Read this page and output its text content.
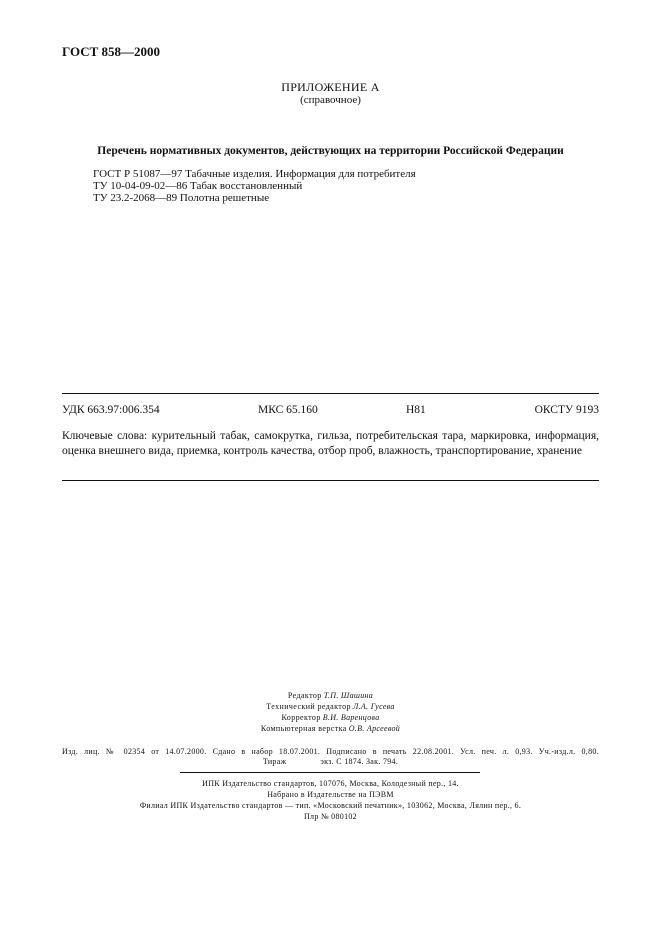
ГОСТ 858—2000
ПРИЛОЖЕНИЕ А
(справочное)
Перечень нормативных документов, действующих на территории Российской Федерации
ГОСТ Р 51087—97 Табачные изделия. Информация для потребителя
ТУ 10-04-09-02—86 Табак восстановленный
ТУ 23.2-2068—89 Полотна решетные
УДК 663.97:006.354	МКС 65.160	H81	ОКСТУ 9193
Ключевые слова: курительный табак, самокрутка, гильза, потребительская тара, маркировка, информация, оценка внешнего вида, приемка, контроль качества, отбор проб, влажность, транспортирование, хранение
Редактор Т.П. Шашина
Технический редактор Л.А. Гусева
Корректор В.И. Варенцова
Компьютерная верстка О.В. Арсеевой
Изд. лиц. № 02354 от 14.07.2000. Сдано в набор 18.07.2001. Подписано в печать 22.08.2001. Усл. печ. л. 0,93. Уч.-изд.л. 0,80.
Тираж	экз. С 1874. Зак. 794.
ИПК Издательство стандартов, 107076, Москва, Колодезный пер., 14.
Набрано в Издательстве на ПЭВМ
Филиал ИПК Издательство стандартов — тип. «Московский печатник», 103062, Москва, Лялин пер., 6.
Плр № 080102
